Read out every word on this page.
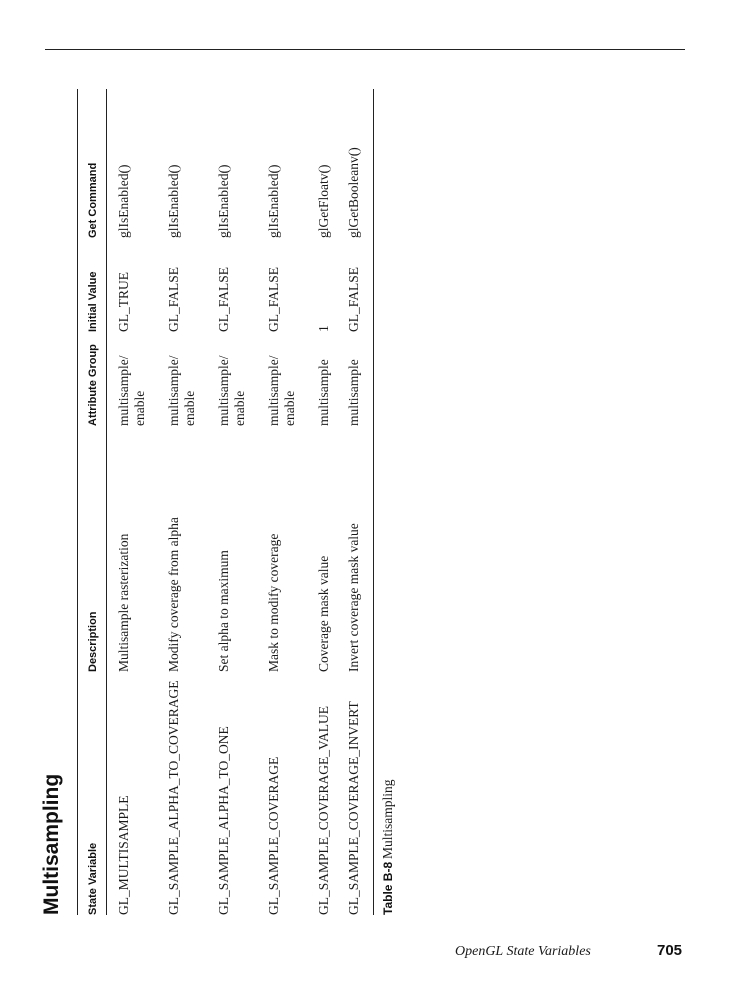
Multisampling State Variable
Description
Attribute Group
Initial Value
Get Command
GL_MULTISAMPLE
Multisample rasterization
multisample/ enable
GL_TRUE
glIsEnabled()
GL_SAMPLE_ALPHA_TO_COVERAGE
Modify coverage from alpha
multisample/ enable
GL_FALSE
glIsEnabled()
GL_SAMPLE_ALPHA_TO_ONE
Set alpha to maximum
multisample/ enable
GL_FALSE
glIsEnabled()
GL_SAMPLE_COVERAGE
Mask to modify coverage
multisample/ enable
GL_FALSE
glIsEnabled()
GL_SAMPLE_COVERAGE_VALUE
Coverage mask value
multisample
1
glGetFloatv()
GL_SAMPLE_COVERAGE_INVERT
Invert coverage mask value
multisample
GL_FALSE
glGetBooleanv()
Table B-8
Multisampling
OpenGL State Variables	705
